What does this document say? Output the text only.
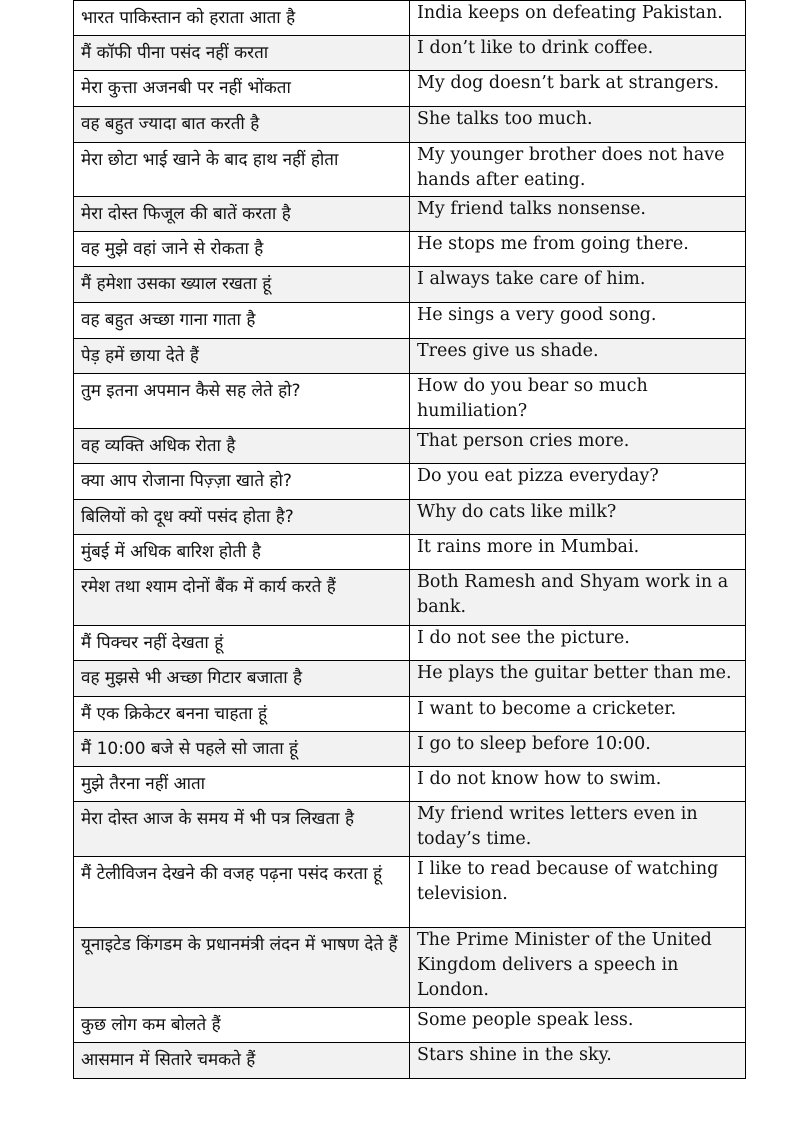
भारत पाकिस्तान को हराता आता है	India keeps on defeating Pakistan.
मैं कॉफी पीना पसंद नहीं करता	I don’t like to drink coffee.
मेरा कुत्ता अजनबी पर नहीं भोंकता	My dog doesn’t bark at strangers.
वह बहुत ज्यादा बात करती है	She talks too much.
मेरा छोटा भाई खाने के बाद हाथ नहीं होता	My younger brother does not have hands after eating.
मेरा दोस्त फिजूल की बातें करता है	My friend talks nonsense.
वह मुझे वहां जाने से रोकता है	He stops me from going there.
मैं हमेशा उसका ख्याल रखता हूं	I always take care of him.
वह बहुत अच्छा गाना गाता है	He sings a very good song.
पेड़ हमें छाया देते हैं	Trees give us shade.
तुम इतना अपमान कैसे सह लेते हो?	How do you bear so much humiliation?
वह व्यक्ति अधिक रोता है	That person cries more.
क्या आप रोजाना पिज़्ज़ा खाते हो?	Do you eat pizza everyday?
बिलियों को दूध क्यों पसंद होता है?	Why do cats like milk?
मुंबई में अधिक बारिश होती है	It rains more in Mumbai.
रमेश तथा श्याम दोनों बैंक में कार्य करते हैं	Both Ramesh and Shyam work in a bank.
मैं पिक्चर नहीं देखता हूं	I do not see the picture.
वह मुझसे भी अच्छा गिटार बजाता है	He plays the guitar better than me.
मैं एक क्रिकेटर बनना चाहता हूं	I want to become a cricketer.
मैं 10:00 बजे से पहले सो जाता हूं	I go to sleep before 10:00.
मुझे तैरना नहीं आता	I do not know how to swim.
मेरा दोस्त आज के समय में भी पत्र लिखता है	My friend writes letters even in today’s time.
मैं टेलीविजन देखने की वजह पढ़ना पसंद करता हूं	I like to read because of watching television.
यूनाइटेड किंगडम के प्रधानमंत्री लंदन में भाषण देते हैं	The Prime Minister of the United Kingdom delivers a speech in London.
कुछ लोग कम बोलते हैं	Some people speak less.
आसमान में सितारे चमकते हैं	Stars shine in the sky.
